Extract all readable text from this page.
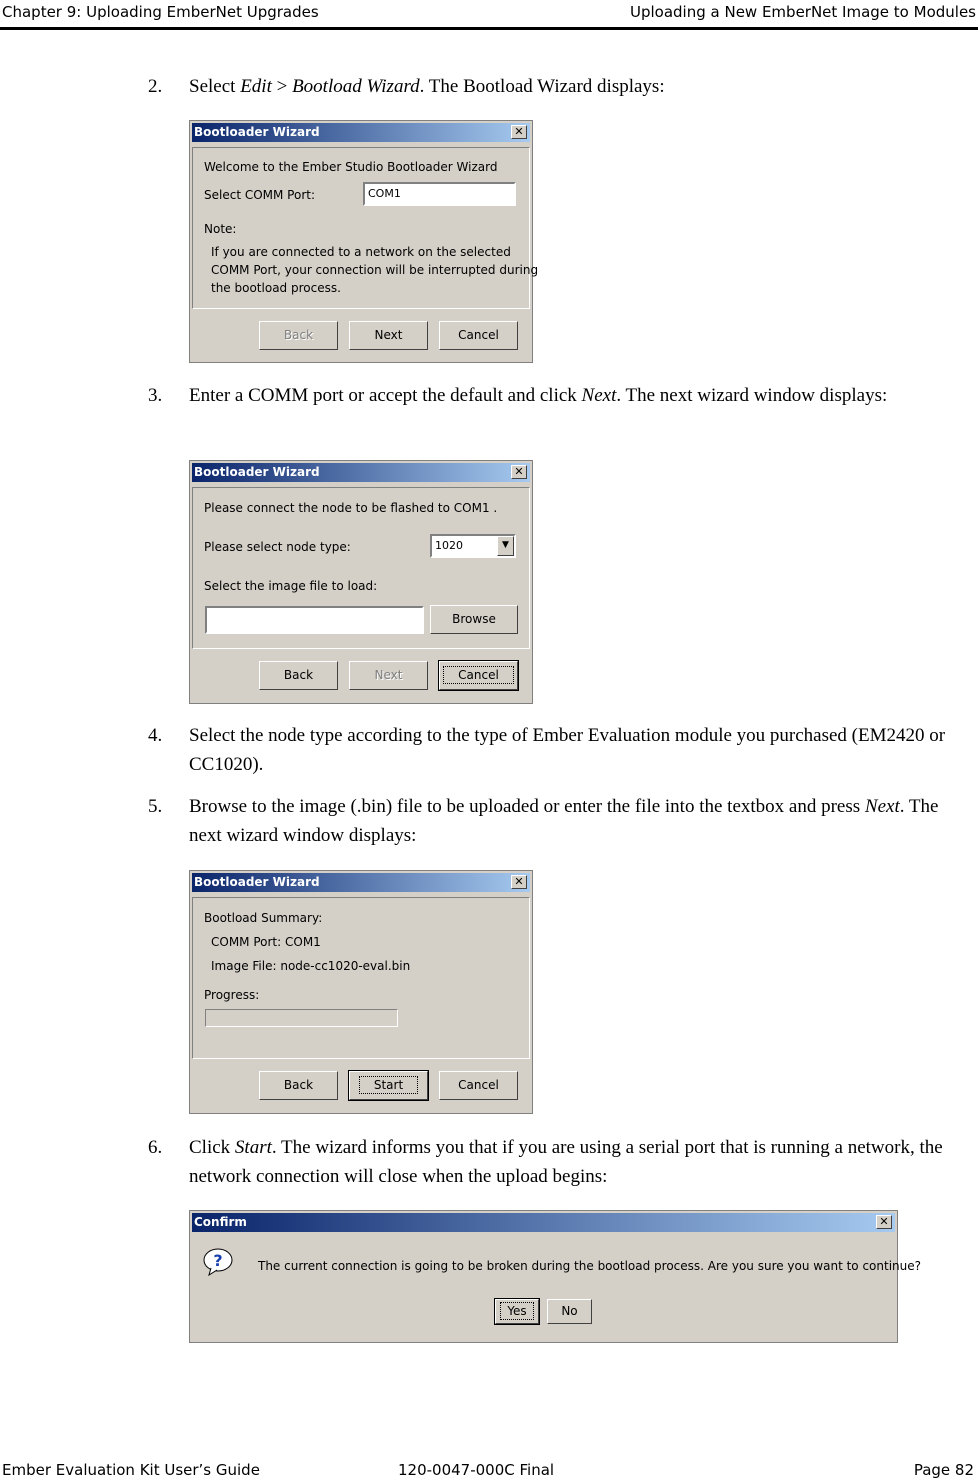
Chapter 9: Uploading EmberNet Upgrades	Uploading a New EmberNet Image to Modules
2. Select Edit > Bootload Wizard. The Bootload Wizard displays:
Bootloader Wizard	✕
Welcome to the Ember Studio Bootloader Wizard
Select COMM Port:	COM1
Note:
If you are connected to a network on the selected
COMM Port, your connection will be interrupted during
the bootload process.
Back	Next	Cancel
3. Enter a COMM port or accept the default and click Next. The next wizard window displays:
Bootloader Wizard	✕
Please connect the node to be flashed to COM1 .
Please select node type:	1020	▼
Select the image file to load:
Browse
Back	Next	Cancel
4. Select the node type according to the type of Ember Evaluation module you purchased (EM2420 or CC1020).
5. Browse to the image (.bin) file to be uploaded or enter the file into the textbox and press Next. The next wizard window displays:
Bootloader Wizard	✕
Bootload Summary:
COMM Port: COM1
Image File: node-cc1020-eval.bin
Progress:
Back	Start	Cancel
6. Click Start. The wizard informs you that if you are using a serial port that is running a network, the network connection will close when the upload begins:
Confirm	✕
?	The current connection is going to be broken during the bootload process. Are you sure you want to continue?
Yes	No
Ember Evaluation Kit User’s Guide	120-0047-000C Final	Page 82
